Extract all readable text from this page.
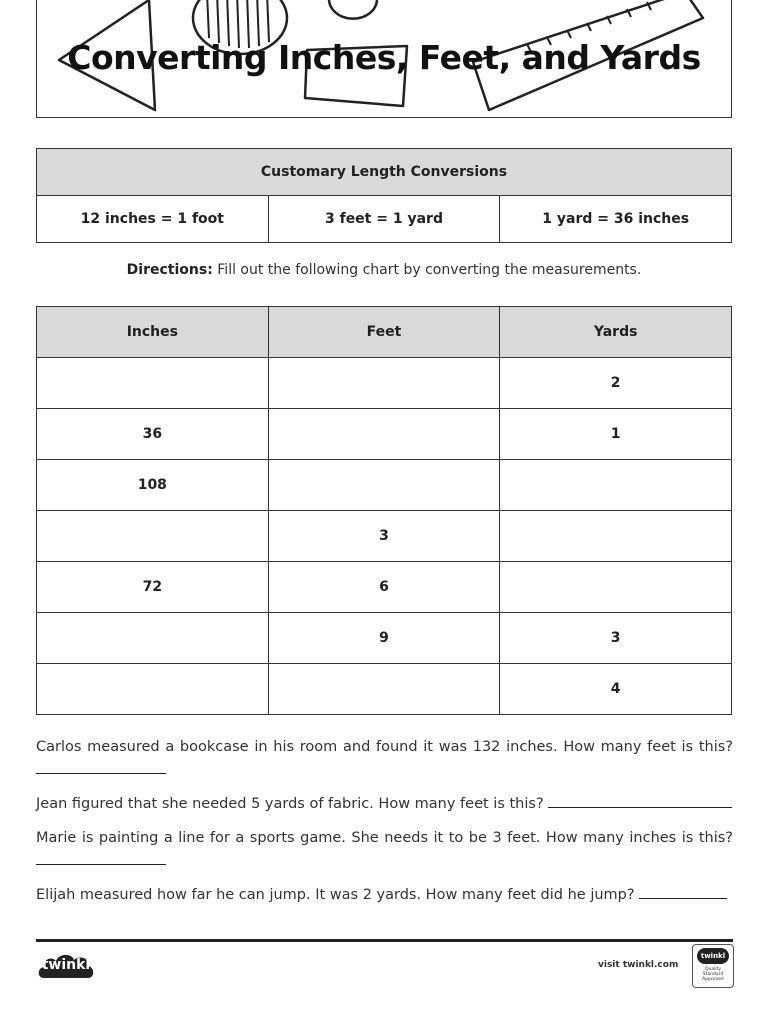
Converting Inches, Feet, and Yards
Customary Length Conversions
12 inches = 1 foot	3 feet = 1 yard	1 yard = 36 inches
Directions: Fill out the following chart by converting the measurements.
Inches	Feet	Yards
		2
36		1
108		
	3	
72	6	
	9	3
		4

Carlos measured a bookcase in his room and found it was 132 inches. How many feet is this?

Jean figured that she needed 5 yards of fabric. How many feet is this?

Marie is painting a line for a sports game. She needs it to be 3 feet. How many inches is this?

Elijah measured how far he can jump. It was 2 yards. How many feet did he jump?

twinkl	visit twinkl.com
twinkl
Quality Standard Approved
